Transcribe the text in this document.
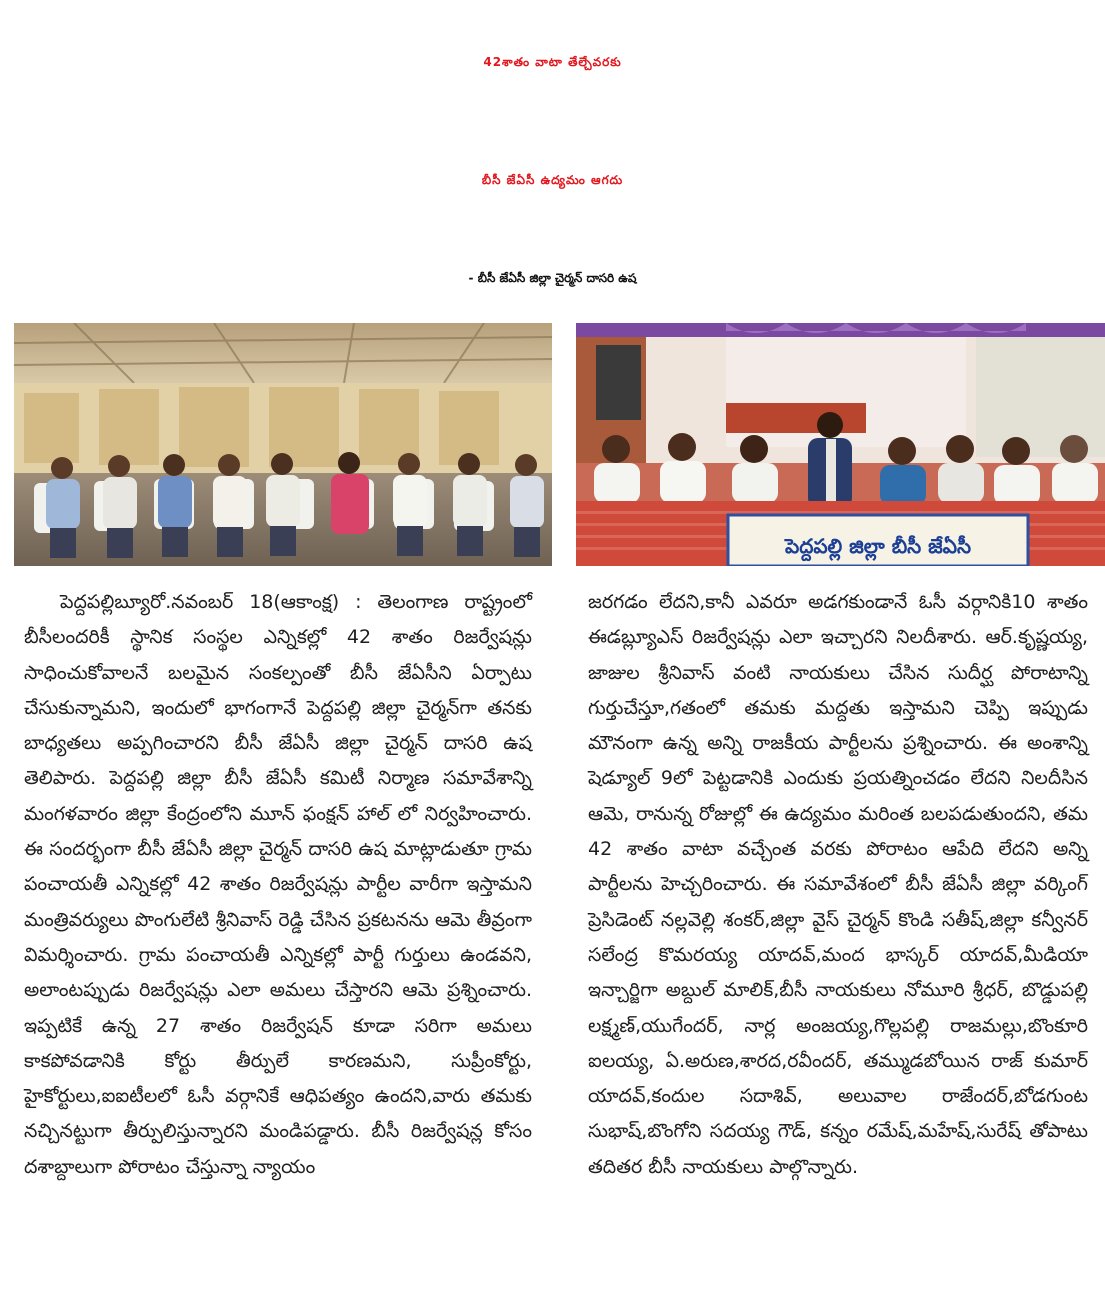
42శాతం వాటా తేల్చేవరకు
బీసీ జేఏసీ ఉద్యమం ఆగదు
- బీసీ జేఏసీ జిల్లా చైర్మన్ దాసరి ఉష
పెద్దపల్లి జిల్లా బీసీ జేఏసీ

పెద్దపల్లిబ్యూరో.నవంబర్ 18(ఆకాంక్ష) : తెలంగాణ రాష్ట్రంలో బీసీలందరికీ స్థానిక సంస్థల ఎన్నికల్లో 42 శాతం రిజర్వేషన్లు సాధించుకోవాలనే బలమైన సంకల్పంతో బీసీ జేఏసీని ఏర్పాటు చేసుకున్నామని, ఇందులో భాగంగానే పెద్దపల్లి జిల్లా చైర్మన్‌గా తనకు బాధ్యతలు అప్పగించారని బీసీ జేఏసీ జిల్లా చైర్మన్ దాసరి ఉష తెలిపారు. పెద్దపల్లి జిల్లా బీసీ జేఏసీ కమిటీ నిర్మాణ సమావేశాన్ని మంగళవారం జిల్లా కేంద్రంలోని మూన్ ఫంక్షన్ హాల్ లో నిర్వహించారు. ఈ సందర్భంగా బీసీ జేఏసీ జిల్లా చైర్మన్ దాసరి ఉష మాట్లాడుతూ గ్రామ పంచాయతీ ఎన్నికల్లో 42 శాతం రిజర్వేషన్లు పార్టీల వారీగా ఇస్తామని మంత్రివర్యులు పొంగులేటి శ్రీనివాస్ రెడ్డి చేసిన ప్రకటనను ఆమె తీవ్రంగా విమర్శించారు. గ్రామ పంచాయతీ ఎన్నికల్లో పార్టీ గుర్తులు ఉండవని, అలాంటప్పుడు రిజర్వేషన్లు ఎలా అమలు చేస్తారని ఆమె ప్రశ్నించారు. ఇప్పటికే ఉన్న 27 శాతం రిజర్వేషన్ కూడా సరిగా అమలు కాకపోవడానికి కోర్టు తీర్పులే కారణమని, సుప్రీంకోర్టు, హైకోర్టులు,ఐఐటీలలో ఓసీ వర్గానికే ఆధిపత్యం ఉందని,వారు తమకు నచ్చినట్టుగా తీర్పులిస్తున్నారని మండిపడ్డారు. బీసీ రిజర్వేషన్ల కోసం దశాబ్దాలుగా పోరాటం చేస్తున్నా న్యాయం

జరగడం లేదని,కానీ ఎవరూ అడగకుండానే ఓసీ వర్గానికి10 శాతం ఈడబ్ల్యూఎస్ రిజర్వేషన్లు ఎలా ఇచ్చారని నిలదీశారు. ఆర్.కృష్ణయ్య, జాజుల శ్రీనివాస్ వంటి నాయకులు చేసిన సుదీర్ఘ పోరాటాన్ని గుర్తుచేస్తూ,గతంలో తమకు మద్దతు ఇస్తామని చెప్పి ఇప్పుడు మౌనంగా ఉన్న అన్ని రాజకీయ పార్టీలను ప్రశ్నించారు. ఈ అంశాన్ని షెడ్యూల్ 9లో పెట్టడానికి ఎందుకు ప్రయత్నించడం లేదని నిలదీసిన ఆమె, రానున్న రోజుల్లో ఈ ఉద్యమం మరింత బలపడుతుందని, తమ 42 శాతం వాటా వచ్చేంత వరకు పోరాటం ఆపేది లేదని అన్ని పార్టీలను హెచ్చరించారు. ఈ సమావేశంలో బీసీ జేఏసీ జిల్లా వర్కింగ్ ప్రెసిడెంట్ నల్లవెల్లి శంకర్,జిల్లా వైస్ చైర్మన్ కొండి సతీష్,జిల్లా కన్వీనర్ సలేంద్ర కొమరయ్య యాదవ్,మంద భాస్కర్ యాదవ్,మీడియా ఇన్చార్జిగా అబ్దుల్ మాలిక్,బీసీ నాయకులు నోమూరి శ్రీధర్, బొడ్డుపల్లి లక్ష్మణ్,యుగేందర్, నార్ల అంజయ్య,గొల్లపల్లి రాజమల్లు,బొంకూరి ఐలయ్య, ఏ.అరుణ,శారద,రవీందర్, తమ్ముడబోయిన రాజ్ కుమార్ యాదవ్,కందుల సదాశివ్, అలువాల రాజేందర్,బోడగుంట సుభాష్,బొంగోని సదయ్య గౌడ్, కన్నం రమేష్,మహేష్,సురేష్ తోపాటు తదితర బీసీ నాయకులు పాల్గొన్నారు.
